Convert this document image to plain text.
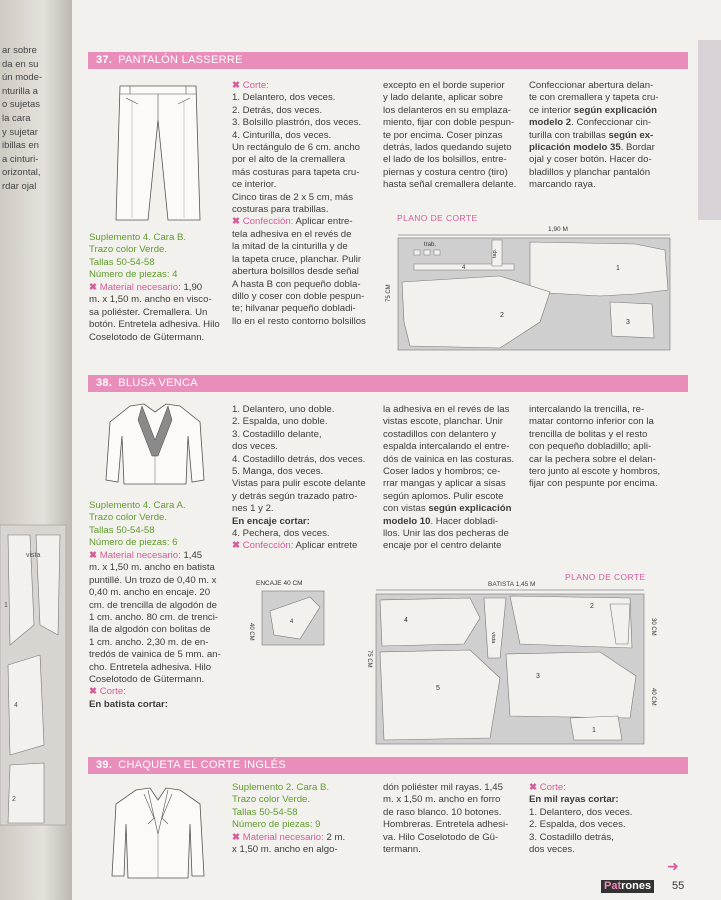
ar sobre
da en su
ún mode-
nturilla a
o sujetas
la cara
y sujetar
ibillas en
a cinturi-
orizontal,
rdar ojal
vista
1
4
2
37. PANTALÓN LASSERRE
Suplemento 4. Cara B.
Trazo color Verde.
Tallas 50-54-58
Número de piezas: 4
✖ Material necesario: 1,90
m. x 1,50 m. ancho en visco-
sa poliéster. Cremallera. Un
botón. Entretela adhesiva. Hilo
Coselotodo de Gütermann.
✖ Corte:
1. Delantero, dos veces.
2. Detrás, dos veces.
3. Bolsillo plastrón, dos veces.
4. Cinturilla, dos veces.
Un rectángulo de 6 cm. ancho
por el alto de la cremallera
más costuras para tapeta cru-
ce interior.
Cinco tiras de 2 x 5 cm, más
costuras para trabillas.
✖ Confección: Aplicar entre-
tela adhesiva en el revés de
la mitad de la cinturilla y de
la tapeta cruce, planchar. Pulir
abertura bolsillos desde señal
A hasta B con pequeño dobla-
dillo y coser con doble pespun-
te; hilvanar pequeño dobladi-
llo en el resto contorno bolsillos
excepto en el borde superior
y lado delante, aplicar sobre
los delanteros en su emplaza-
miento, fijar con doble pespun-
te por encima. Coser pinzas
detrás, lados quedando sujeto
el lado de los bolsillos, entre-
piernas y costura centro (tiro)
hasta señal cremallera delante.
Confeccionar abertura delan-
te con cremallera y tapeta cru-
ce interior según explicación
modelo 2. Confeccionar cin-
turilla con trabillas según ex-
plicación modelo 35. Bordar
ojal y coser botón. Hacer do-
bladillos y planchar pantalón
marcando raya.
PLANO DE CORTE
1,90 M
75 CM
trab.
tap.
4	1
2
3
38. BLUSA VENCA
Suplemento 4. Cara A.
Trazo color Verde.
Tallas 50-54-58
Número de piezas: 6
✖ Material necesario: 1,45
m. x 1,50 m. ancho en batista
puntillé. Un trozo de 0,40 m. x
0,40 m. ancho en encaje. 20
cm. de trencilla de algodón de
1 cm. ancho. 80 cm. de trenci-
lla de algodón con bolitas de
1 cm. ancho. 2,30 m. de en-
tredós de vainica de 5 mm. an-
cho. Entretela adhesiva. Hilo
Coselotodo de Gütermann.
✖ Corte:
En batista cortar:
1. Delantero, uno doble.
2. Espalda, uno doble.
3. Costadillo delante,
dos veces.
4. Costadillo detrás, dos veces.
5. Manga, dos veces.
Vistas para pulir escote delante
y detrás según trazado patro-
nes 1 y 2.
En encaje cortar:
4. Pechera, dos veces.
✖ Confección: Aplicar entrete
la adhesiva en el revés de las
vistas escote, planchar. Unir
costadillos con delantero y
espalda intercalando el entre-
dós de vainica en las costuras.
Coser lados y hombros; ce-
rrar mangas y aplicar a sisas
según aplomos. Pulir escote
con vistas según explicación
modelo 10. Hacer dobladi-
llos. Unir las dos pecheras de
encaje por el centro delante
intercalando la trencilla, re-
matar contorno inferior con la
trencilla de bolitas y el resto
con pequeño dobladillo; apli-
car la pechera sobre el delan-
tero junto al escote y hombros,
fijar con pespunte por encima.
ENCAJE 40 CM
40 CM
4
PLANO DE CORTE
BATISTA 1,45 M
75 CM
30 CM
40 CM
4
2
vista
5
3
1
39. CHAQUETA EL CORTE INGLÉS
Suplemento 2. Cara B.
Trazo color Verde.
Tallas 50-54-58
Número de piezas: 9
✖ Material necesario: 2 m.
x 1,50 m. ancho en algo-
dón poliéster mil rayas. 1,45
m. x 1,50 m. ancho en forro
de raso blanco. 10 botones.
Hombreras. Entretela adhesi-
va. Hilo Coselotodo de Gü-
termann.
✖ Corte:
En mil rayas cortar:
1. Delantero, dos veces.
2. Espalda, dos veces.
3. Costadillo detrás,
dos veces.
➜
Patrones 55
